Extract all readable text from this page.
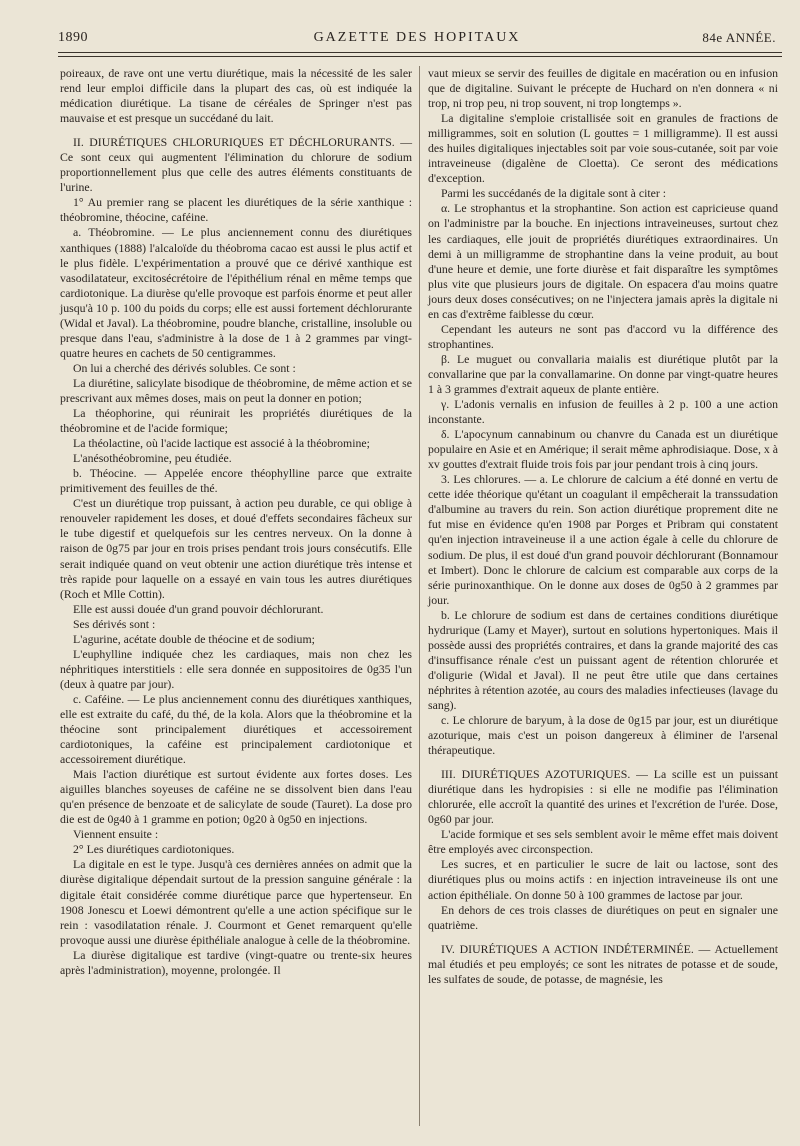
1890	GAZETTE DES HOPITAUX	84e ANNÉE.

poireaux, de rave ont une vertu diurétique, mais la nécessité de les saler rend leur emploi difficile dans la plupart des cas, où est indiquée la médication diurétique. La tisane de céréales de Springer n'est pas mauvaise et est presque un succédané du lait.

II. DIURÉTIQUES CHLORURIQUES ET DÉCHLORURANTS. — Ce sont ceux qui augmentent l'élimination du chlorure de sodium proportionnellement plus que celle des autres éléments constituants de l'urine.

1° Au premier rang se placent les diurétiques de la série xanthique : théobromine, théocine, caféine.

a. Théobromine. — Le plus anciennement connu des diurétiques xanthiques (1888) l'alcaloïde du théobroma cacao est aussi le plus actif et le plus fidèle. L'expérimentation a prouvé que ce dérivé xanthique est vasodilatateur, excitosécrétoire de l'épithélium rénal en même temps que cardiotonique. La diurèse qu'elle provoque est parfois énorme et peut aller jusqu'à 10 p. 100 du poids du corps; elle est aussi fortement déchlorurante (Widal et Javal). La théobromine, poudre blanche, cristalline, insoluble ou presque dans l'eau, s'administre à la dose de 1 à 2 grammes par vingt-quatre heures en cachets de 50 centigrammes.

On lui a cherché des dérivés solubles. Ce sont :

La diurétine, salicylate bisodique de théobromine, de même action et se prescrivant aux mêmes doses, mais on peut la donner en potion;

La théophorine, qui réunirait les propriétés diurétiques de la théobromine et de l'acide formique;

La théolactine, où l'acide lactique est associé à la théobromine;

L'anésothéobromine, peu étudiée.

b. Théocine. — Appelée encore théophylline parce que extraite primitivement des feuilles de thé.

C'est un diurétique trop puissant, à action peu durable, ce qui oblige à renouveler rapidement les doses, et doué d'effets secondaires fâcheux sur le tube digestif et quelquefois sur les centres nerveux. On la donne à raison de 0g75 par jour en trois prises pendant trois jours consécutifs. Elle serait indiquée quand on veut obtenir une action diurétique très intense et très rapide pour laquelle on a essayé en vain tous les autres diurétiques (Roch et Mlle Cottin).

Elle est aussi douée d'un grand pouvoir déchlorurant.

Ses dérivés sont :

L'agurine, acétate double de théocine et de sodium;

L'euphylline indiquée chez les cardiaques, mais non chez les néphritiques interstitiels : elle sera donnée en suppositoires de 0g35 l'un (deux à quatre par jour).

c. Caféine. — Le plus anciennement connu des diurétiques xanthiques, elle est extraite du café, du thé, de la kola. Alors que la théobromine et la théocine sont principalement diurétiques et accessoirement cardiotoniques, la caféine est principalement cardiotonique et accessoirement diurétique.

Mais l'action diurétique est surtout évidente aux fortes doses. Les aiguilles blanches soyeuses de caféine ne se dissolvent bien dans l'eau qu'en présence de benzoate et de salicylate de soude (Tauret). La dose pro die est de 0g40 à 1 gramme en potion; 0g20 à 0g50 en injections.

Viennent ensuite :

2° Les diurétiques cardiotoniques.

La digitale en est le type. Jusqu'à ces dernières années on admit que la diurèse digitalique dépendait surtout de la pression sanguine générale : la digitale était considérée comme diurétique parce que hypertenseur. En 1908 Jonescu et Loewi démontrent qu'elle a une action spécifique sur le rein : vasodilatation rénale. J. Courmont et Genet remarquent qu'elle provoque aussi une diurèse épithéliale analogue à celle de la théobromine.

La diurèse digitalique est tardive (vingt-quatre ou trente-six heures après l'administration), moyenne, prolongée. Il

vaut mieux se servir des feuilles de digitale en macération ou en infusion que de digitaline. Suivant le précepte de Huchard on n'en donnera « ni trop, ni trop peu, ni trop souvent, ni trop longtemps ».

La digitaline s'emploie cristallisée soit en granules de fractions de milligrammes, soit en solution (L gouttes = 1 milligramme). Il est aussi des huiles digitaliques injectables soit par voie sous-cutanée, soit par voie intraveineuse (digalène de Cloetta). Ce seront des médications d'exception.

Parmi les succédanés de la digitale sont à citer :

α. Le strophantus et la strophantine. Son action est capricieuse quand on l'administre par la bouche. En injections intraveineuses, surtout chez les cardiaques, elle jouit de propriétés diurétiques extraordinaires. Un demi à un milligramme de strophantine dans la veine produit, au bout d'une heure et demie, une forte diurèse et fait disparaître les symptômes plus vite que plusieurs jours de digitale. On espacera d'au moins quatre jours deux doses consécutives; on ne l'injectera jamais après la digitale ni en cas d'extrême faiblesse du cœur.

Cependant les auteurs ne sont pas d'accord vu la différence des strophantines.

β. Le muguet ou convallaria maialis est diurétique plutôt par la convallarine que par la convallamarine. On donne par vingt-quatre heures 1 à 3 grammes d'extrait aqueux de plante entière.

γ. L'adonis vernalis en infusion de feuilles à 2 p. 100 a une action inconstante.

δ. L'apocynum cannabinum ou chanvre du Canada est un diurétique populaire en Asie et en Amérique; il serait même aphrodisiaque. Dose, x à xv gouttes d'extrait fluide trois fois par jour pendant trois à cinq jours.

3. Les chlorures. — a. Le chlorure de calcium a été donné en vertu de cette idée théorique qu'étant un coagulant il empêcherait la transsudation d'albumine au travers du rein. Son action diurétique proprement dite ne fut mise en évidence qu'en 1908 par Porges et Pribram qui constatent qu'en injection intraveineuse il a une action égale à celle du chlorure de sodium. De plus, il est doué d'un grand pouvoir déchlorurant (Bonnamour et Imbert). Donc le chlorure de calcium est comparable aux corps de la série purinoxanthique. On le donne aux doses de 0g50 à 2 grammes par jour.

b. Le chlorure de sodium est dans de certaines conditions diurétique hydrurique (Lamy et Mayer), surtout en solutions hypertoniques. Mais il possède aussi des propriétés contraires, et dans la grande majorité des cas d'insuffisance rénale c'est un puissant agent de rétention chlorurée et d'oligurie (Widal et Javal). Il ne peut être utile que dans certaines néphrites à rétention azotée, au cours des maladies infectieuses (lavage du sang).

c. Le chlorure de baryum, à la dose de 0g15 par jour, est un diurétique azoturique, mais c'est un poison dangereux à éliminer de l'arsenal thérapeutique.

III. DIURÉTIQUES AZOTURIQUES. — La scille est un puissant diurétique dans les hydropisies : si elle ne modifie pas l'élimination chlorurée, elle accroît la quantité des urines et l'excrétion de l'urée. Dose, 0g60 par jour.

L'acide formique et ses sels semblent avoir le même effet mais doivent être employés avec circonspection.

Les sucres, et en particulier le sucre de lait ou lactose, sont des diurétiques plus ou moins actifs : en injection intraveineuse ils ont une action épithéliale. On donne 50 à 100 grammes de lactose par jour.

En dehors de ces trois classes de diurétiques on peut en signaler une quatrième.

IV. DIURÉTIQUES A ACTION INDÉTERMINÉE. — Actuellement mal étudiés et peu employés; ce sont les nitrates de potasse et de soude, les sulfates de soude, de potasse, de magnésie, les
